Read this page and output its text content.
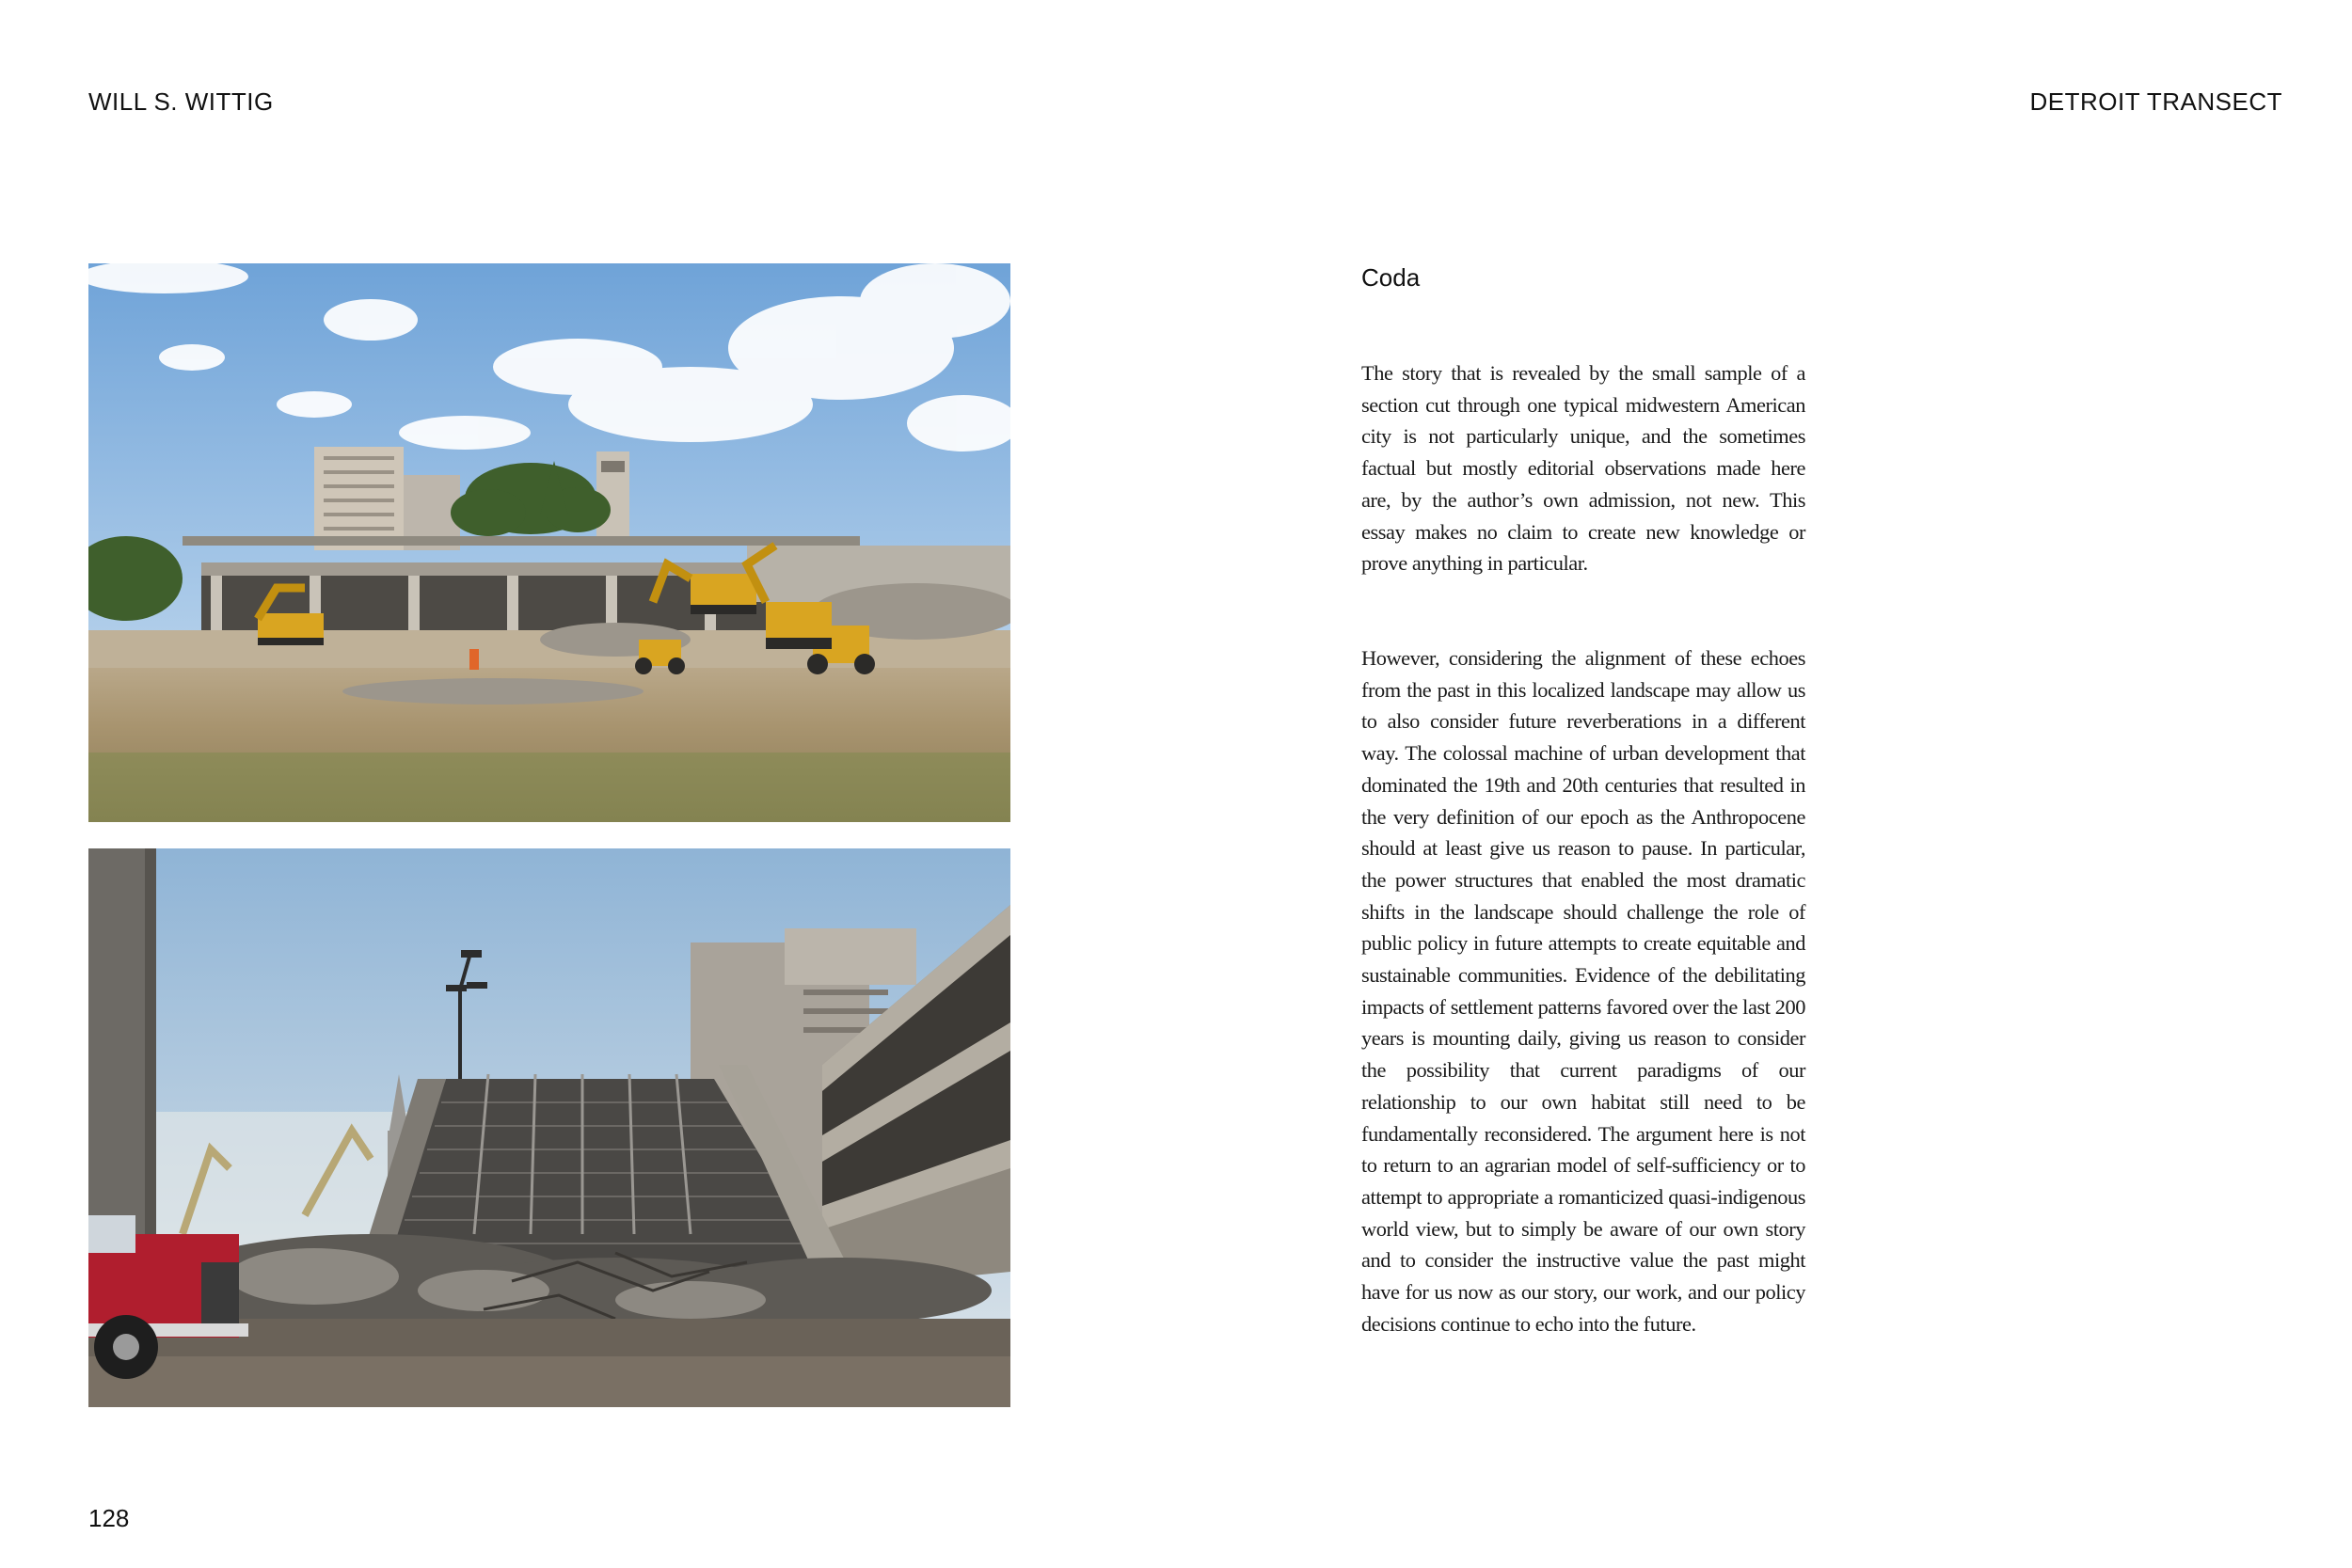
WILL S. WITTIG	DETROIT TRANSECT
Coda

The story that is revealed by the small sample of a section cut through one typical midwestern American city is not particularly unique, and the sometimes factual but mostly editorial observations made here are, by the author’s own admission, not new. This essay makes no claim to create new knowledge or prove anything in particular.

However, considering the alignment of these echoes from the past in this localized landscape may allow us to also consider future reverberations in a different way. The colossal machine of urban development that dominated the 19th and 20th centuries that resulted in the very definition of our epoch as the Anthropocene should at least give us reason to pause. In particular, the power structures that enabled the most dramatic shifts in the landscape should challenge the role of public policy in future attempts to create equitable and sustainable communities. Evidence of the debilitating impacts of settlement patterns favored over the last 200 years is mounting daily, giving us reason to consider the possibility that current paradigms of our relationship to our own habitat still need to be fundamentally reconsidered. The argument here is not to return to an agrarian model of self-sufficiency or to attempt to appropriate a romanticized quasi-indigenous world view, but to simply be aware of our own story and to consider the instructive value the past might have for us now as our story, our work, and our policy decisions continue to echo into the future.

128
